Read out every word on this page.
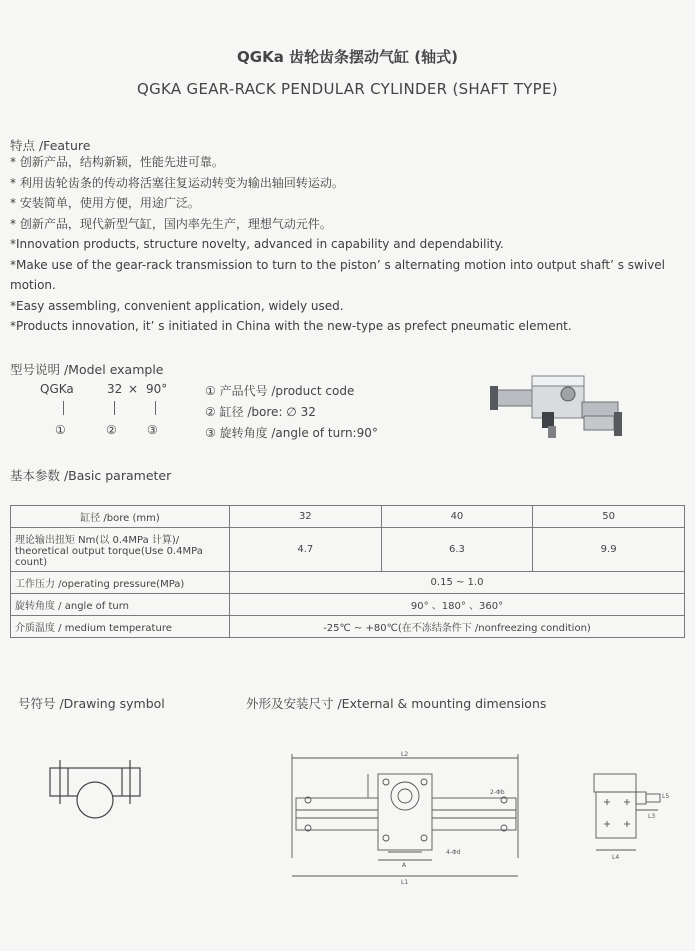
QGKa 齿轮齿条摆动气缸 (轴式)
QGKA GEAR-RACK PENDULAR CYLINDER (SHAFT TYPE)
特点 /Feature
* 创新产品，结构新颖，性能先进可靠。
* 利用齿轮齿条的传动将活塞往复运动转变为输出轴回转运动。
* 安装简单，使用方便，用途广泛。
* 创新产品，现代新型气缸，国内率先生产，理想气动元件。
*Innovation products, structure novelty, advanced in capability and dependability.
*Make use of the gear-rack transmission to turn to the piston’ s alternating motion into output shaft’ s swivel motion.
*Easy assembling, convenient application, widely used.
*Products innovation, it’ s initiated in China with the new-type as prefect pneumatic element.
型号说明 /Model example
QGKa	32 × 90°
①	②	③
① 产品代号 /product code
② 缸径 /bore: ∅ 32
③ 旋转角度 /angle of turn:90°
基本参数 /Basic parameter
缸径 /bore (mm)	32	40	50
理论输出扭矩 Nm(以 0.4MPa 计算)/ theoretical output torque(Use 0.4MPa count)	4.7	6.3	9.9
工作压力 /operating pressure(MPa)	0.15 ~ 1.0		
旋转角度 / angle of turn	90° 、180° 、360°		
介质温度 / medium temperature	-25℃ ~ +80℃(在不冻结条件下 /nonfreezing condition)		
号符号 /Drawing symbol	外形及安装尺寸 /External & mounting dimensions
L2
L1
A
2-Φb
4-Φd
L4
L5
L3
